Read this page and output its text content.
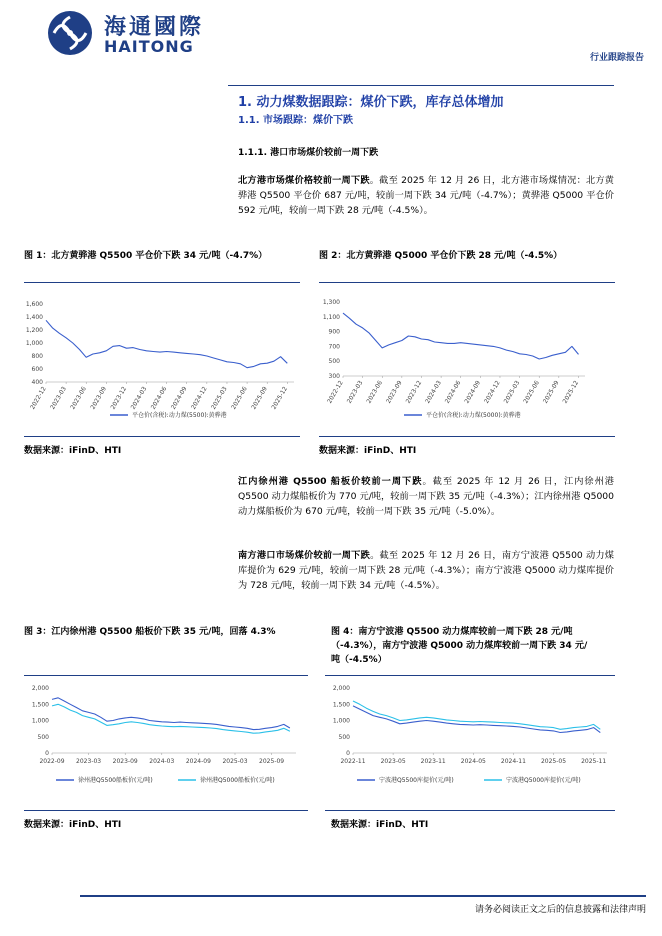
海通國際
HAITONG
行业跟踪报告
1. 动力煤数据跟踪：煤价下跌，库存总体增加
1.1. 市场跟踪：煤价下跌
1.1.1. 港口市场煤价较前一周下跌
北方港市场煤价格较前一周下跌。截至 2025 年 12 月 26 日，北方港市场煤情况：北方黄骅港 Q5500 平仓价 687 元/吨，较前一周下跌 34 元/吨（-4.7%）；黄骅港 Q5000 平仓价 592 元/吨，较前一周下跌 28 元/吨（-4.5%）。
图 1：北方黄骅港 Q5500 平仓价下跌 34 元/吨（-4.7%）
400
600
800
1,000
1,200
1,400
1,600
2022-12 2023-03 2023-06 2023-09 2023-12 2024-03 2024-06 2024-09 2024-12 2025-03 2025-06 2025-09 2025-12
平仓价(含税):动力煤(5500):黄骅港
数据来源：iFinD、HTI
图 2：北方黄骅港 Q5000 平仓价下跌 28 元/吨（-4.5%）
300
500
700
900
1,100
1,300
2022-12 2023-03 2023-06 2023-09 2023-12 2024-03 2024-06 2024-09 2024-12 2025-03 2025-06 2025-09 2025-12
平仓价(含税):动力煤(5000):黄骅港
数据来源：iFinD、HTI
江内徐州港 Q5500 船板价较前一周下跌。截至 2025 年 12 月 26 日，江内徐州港 Q5500 动力煤船板价为 770 元/吨，较前一周下跌 35 元/吨（-4.3%）；江内徐州港 Q5000 动力煤船板价为 670 元/吨，较前一周下跌 35 元/吨（-5.0%）。
南方港口市场煤价较前一周下跌。截至 2025 年 12 月 26 日，南方宁波港 Q5500 动力煤库提价为 629 元/吨，较前一周下跌 28 元/吨（-4.3%）；南方宁波港 Q5000 动力煤库提价为 728 元/吨，较前一周下跌 34 元/吨（-4.5%）。
图 3：江内徐州港 Q5500 船板价下跌 35 元/吨，回落 4.3%
0
500
1,000
1,500
2,000
2022-09 2023-03 2023-09 2024-03 2024-09 2025-03 2025-09
徐州港Q5500船板价(元/吨)	徐州港Q5000船板价(元/吨)
数据来源：iFinD、HTI
图 4：南方宁波港 Q5500 动力煤库较前一周下跌 28 元/吨（-4.3%），南方宁波港 Q5000 动力煤库较前一周下跌 34 元/吨（-4.5%）
0
500
1,000
1,500
2,000
2022-11	2023-05	2023-11	2024-05	2024-11	2025-05	2025-11
宁波港Q5500库提价(元/吨)	宁波港Q5000库提价(元/吨)
数据来源：iFinD、HTI
请务必阅读正文之后的信息披露和法律声明
